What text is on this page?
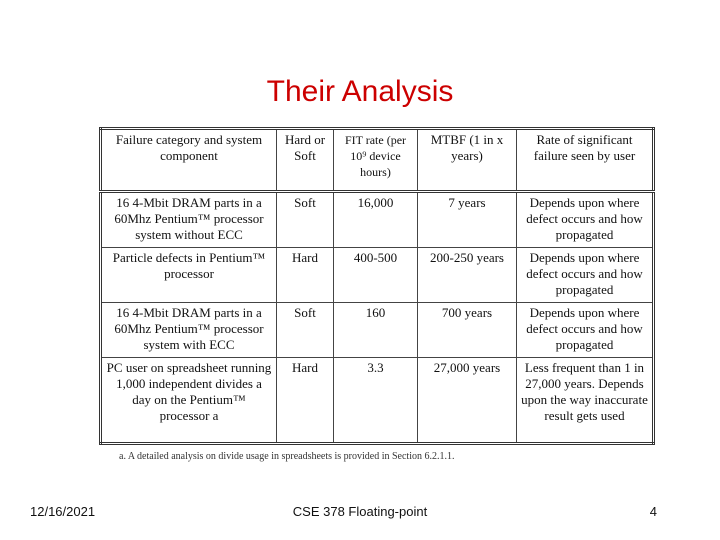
Their Analysis
Failure category and system component	Hard or Soft	FIT rate (per 10⁹ device hours)	MTBF (1 in x years)	Rate of significant failure seen by user
16 4-Mbit DRAM parts in a 60Mhz Pentium™ processor system without ECC	Soft	16,000	7 years	Depends upon where defect occurs and how propagated
Particle defects in Pentium™ processor	Hard	400-500	200-250 years	Depends upon where defect occurs and how propagated
16 4-Mbit DRAM parts in a 60Mhz Pentium™ processor system with ECC	Soft	160	700 years	Depends upon where defect occurs and how propagated
PC user on spreadsheet running 1,000 independent divides a day on the Pentium™ processor a	Hard	3.3	27,000 years	Less frequent than 1 in 27,000 years. Depends upon the way inaccurate result gets used
a. A detailed analysis on divide usage in spreadsheets is provided in Section 6.2.1.1.
12/16/2021	CSE 378 Floating-point	4
